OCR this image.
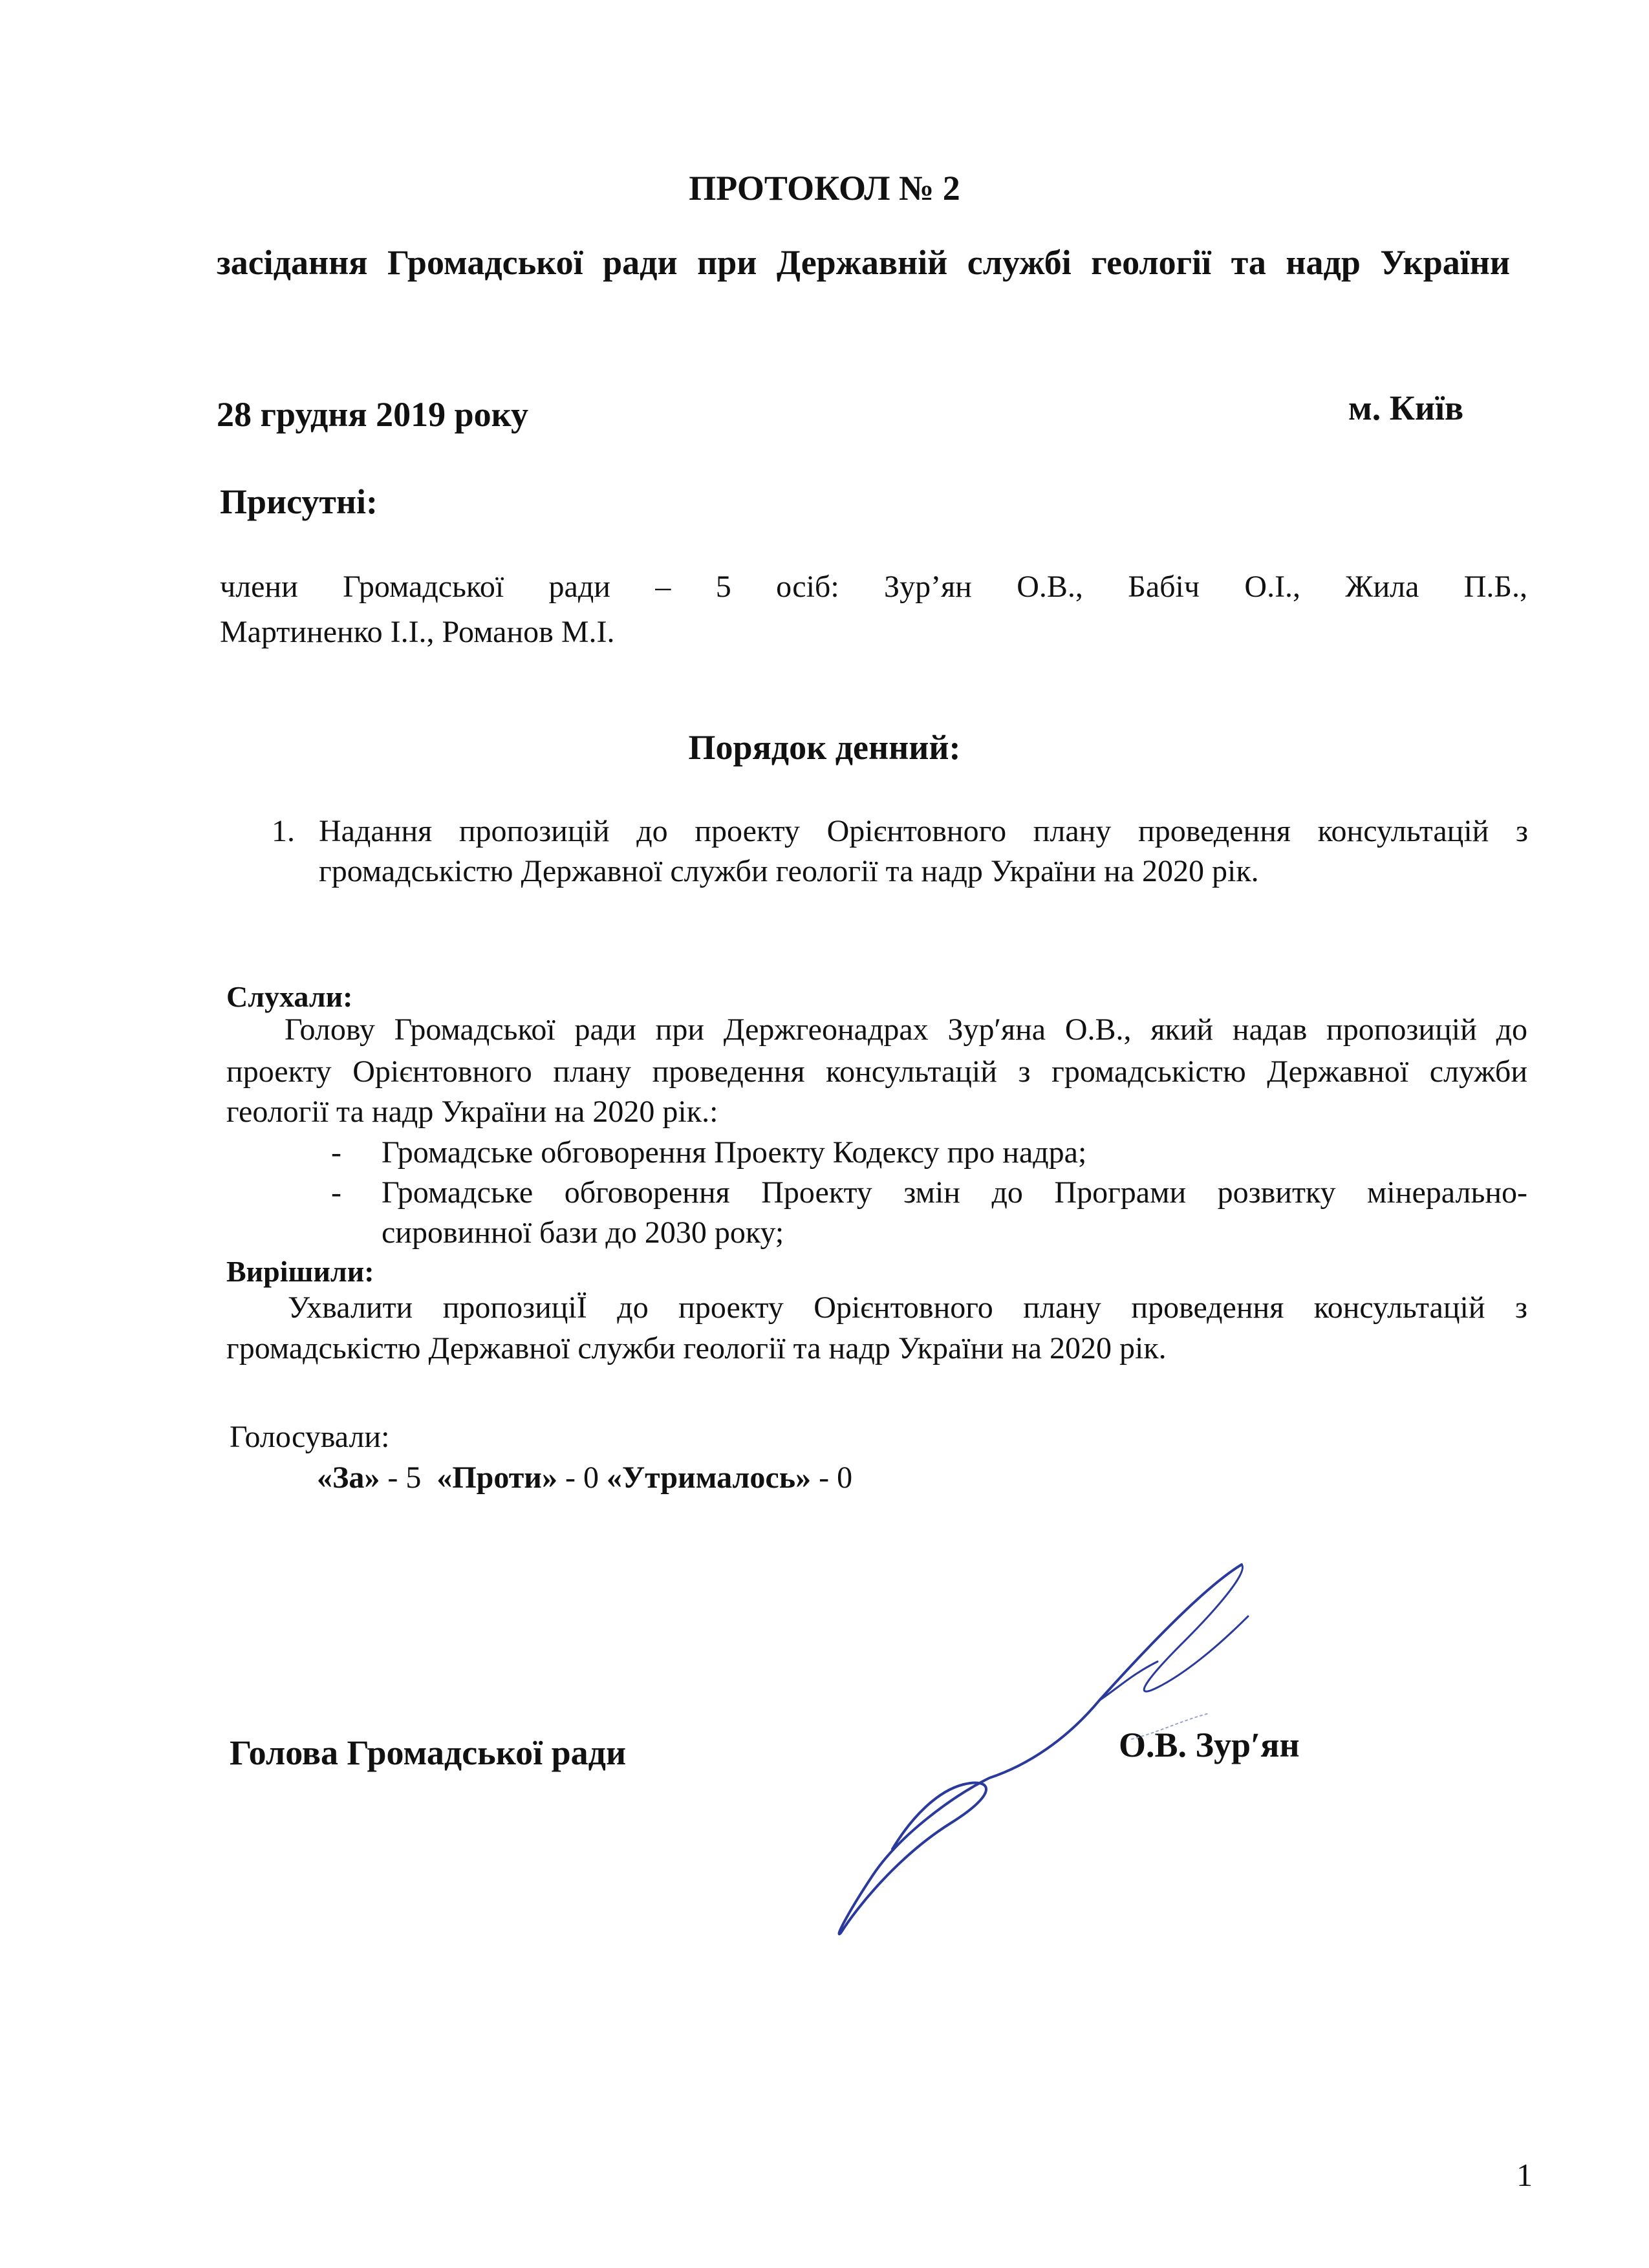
ПРОТОКОЛ № 2
засідання Громадської ради при Державній службі геології та надр України
28 грудня 2019 року	м. Київ
Присутні:
члени Громадської ради – 5 осіб: Зур’ян О.В., Бабіч О.І., Жила П.Б.,
Мартиненко І.І., Романов М.І.
Порядок денний:
1. Надання пропозицій до проекту Орієнтовного плану проведення консультацій з
громадськістю Державної служби геології та надр України на 2020 рік.
Слухали:
Голову Громадської ради при Держгеонадрах Зур′яна О.В., який надав пропозицій до
проекту Орієнтовного плану проведення консультацій з громадськістю Державної служби
геології та надр України на 2020 рік.:
- Громадське обговорення Проекту Кодексу про надра;
- Громадське обговорення Проекту змін до Програми розвитку мінерально-
сировинної бази до 2030 року;
Вирішили:
Ухвалити пропозиціЇ до проекту Орієнтовного плану проведення консультацій з
громадськістю Державної служби геології та надр України на 2020 рік.
Голосували:
«За» - 5  «Проти» - 0 «Утрималось» - 0
Голова Громадської ради	О.В. Зур′ян
1
